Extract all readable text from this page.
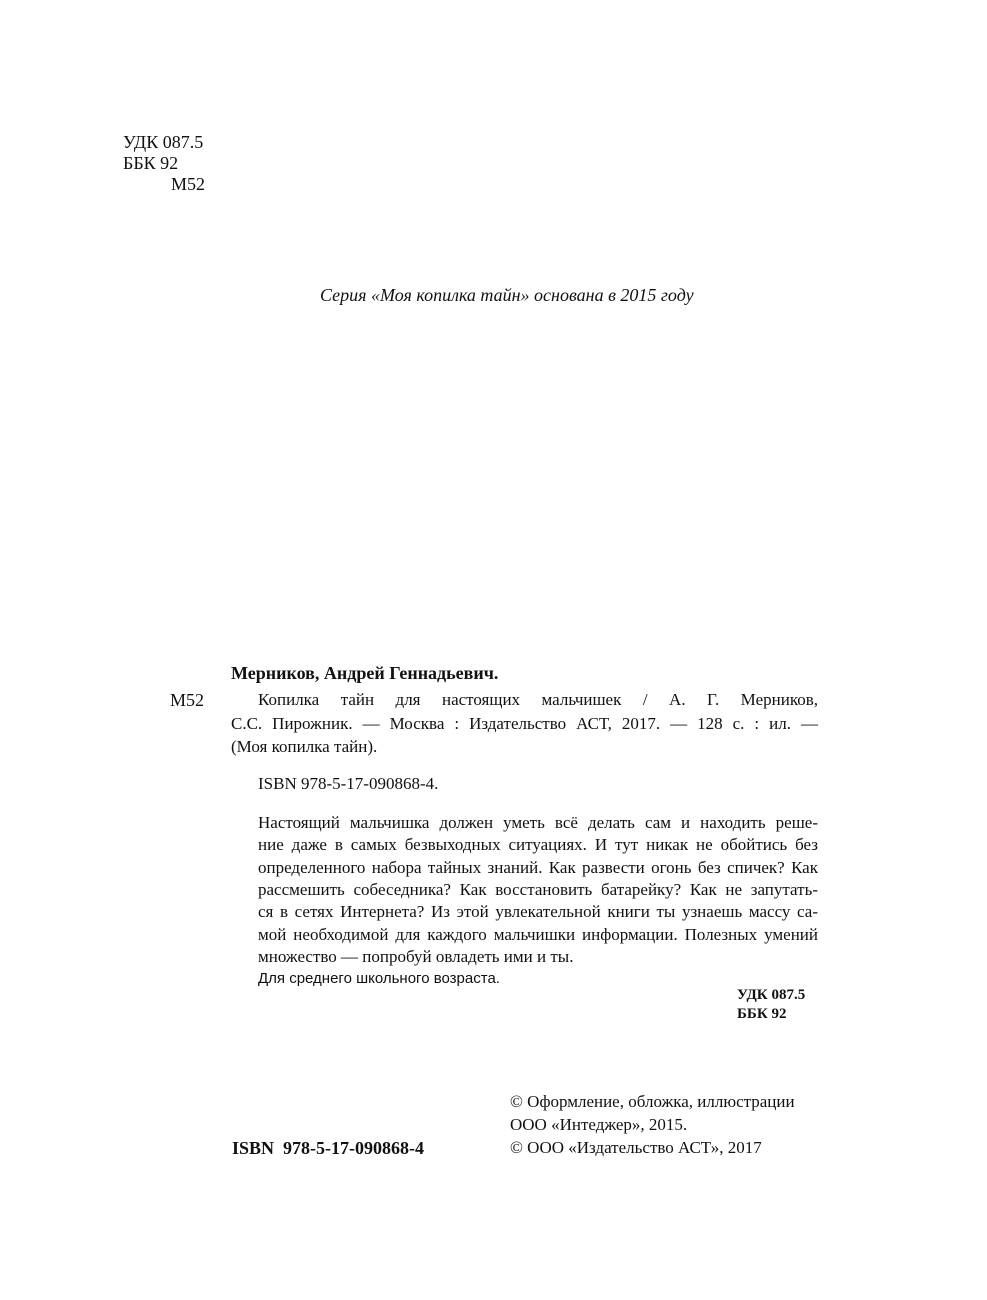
УДК 087.5
ББК 92
М52
Серия «Моя копилка тайн» основана в 2015 году
Мерников, Андрей Геннадьевич.
М52	Копилка тайн для настоящих мальчишек / А. Г. Мерников,
С.С. Пирожник. — Москва : Издательство АСТ, 2017. — 128 с. : ил. —
(Моя копилка тайн).
ISBN 978-5-17-090868-4.
Настоящий мальчишка должен уметь всё делать сам и находить реше-
ние даже в самых безвыходных ситуациях. И тут никак не обойтись без
определенного набора тайных знаний. Как развести огонь без спичек? Как
рассмешить собеседника? Как восстановить батарейку? Как не запутать-
ся в сетях Интернета? Из этой увлекательной книги ты узнаешь массу са-
мой необходимой для каждого мальчишки информации. Полезных умений
множество — попробуй овладеть ими и ты.
Для среднего школьного возраста.
УДК 087.5
ББК 92
ISBN  978-5-17-090868-4
© Оформление, обложка, иллюстрации
ООО «Интеджер», 2015.
© ООО «Издательство АСТ», 2017
